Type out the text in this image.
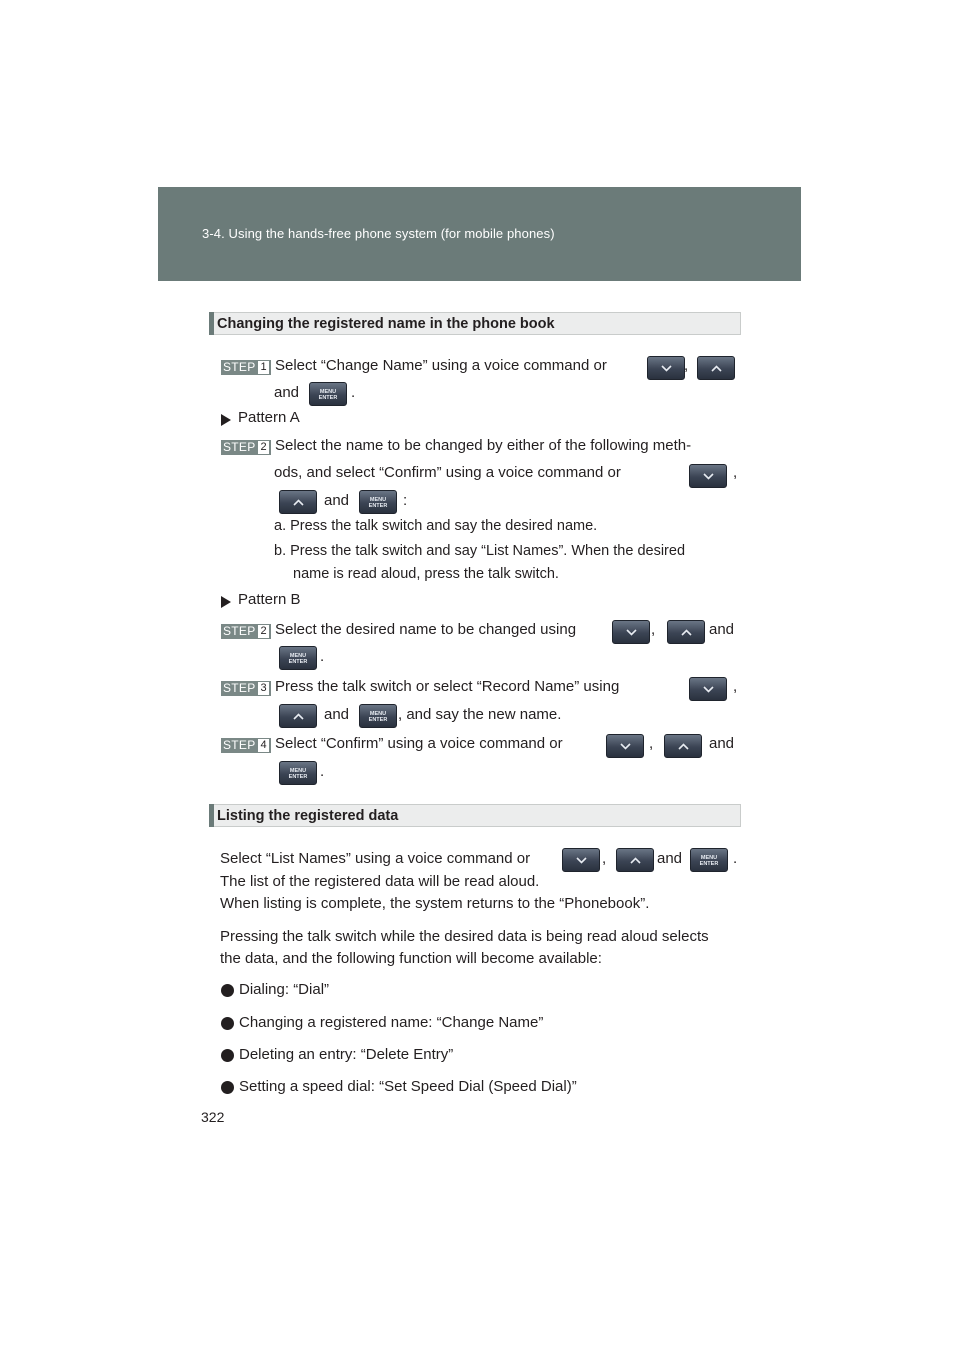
3-4. Using the hands-free phone system (for mobile phones)
Changing the registered name in the phone book
STEP 1 Select “Change Name” using a voice command or	,
and	MENU
ENTER .
Pattern A
STEP 2 Select the name to be changed by either of the following meth-
ods, and select “Confirm” using a voice command or	,
and	MENU
ENTER	:
a. Press the talk switch and say the desired name.
b. Press the talk switch and say “List Names”. When the desired
name is read aloud, press the talk switch.
Pattern B
STEP 2 Select the desired name to be changed using	,	and
MENU
ENTER .
STEP 3 Press the talk switch or select “Record Name” using	,
and	MENU
ENTER , and say the new name.
STEP 4 Select “Confirm” using a voice command or	,	and
MENU
ENTER .
Listing the registered data
Select “List Names” using a voice command or	,	and	MENU
ENTER .
The list of the registered data will be read aloud.
When listing is complete, the system returns to the “Phonebook”.
Pressing the talk switch while the desired data is being read aloud selects
the data, and the following function will become available:
Dialing: “Dial”
Changing a registered name: “Change Name”
Deleting an entry: “Delete Entry”
Setting a speed dial: “Set Speed Dial (Speed Dial)”
322
